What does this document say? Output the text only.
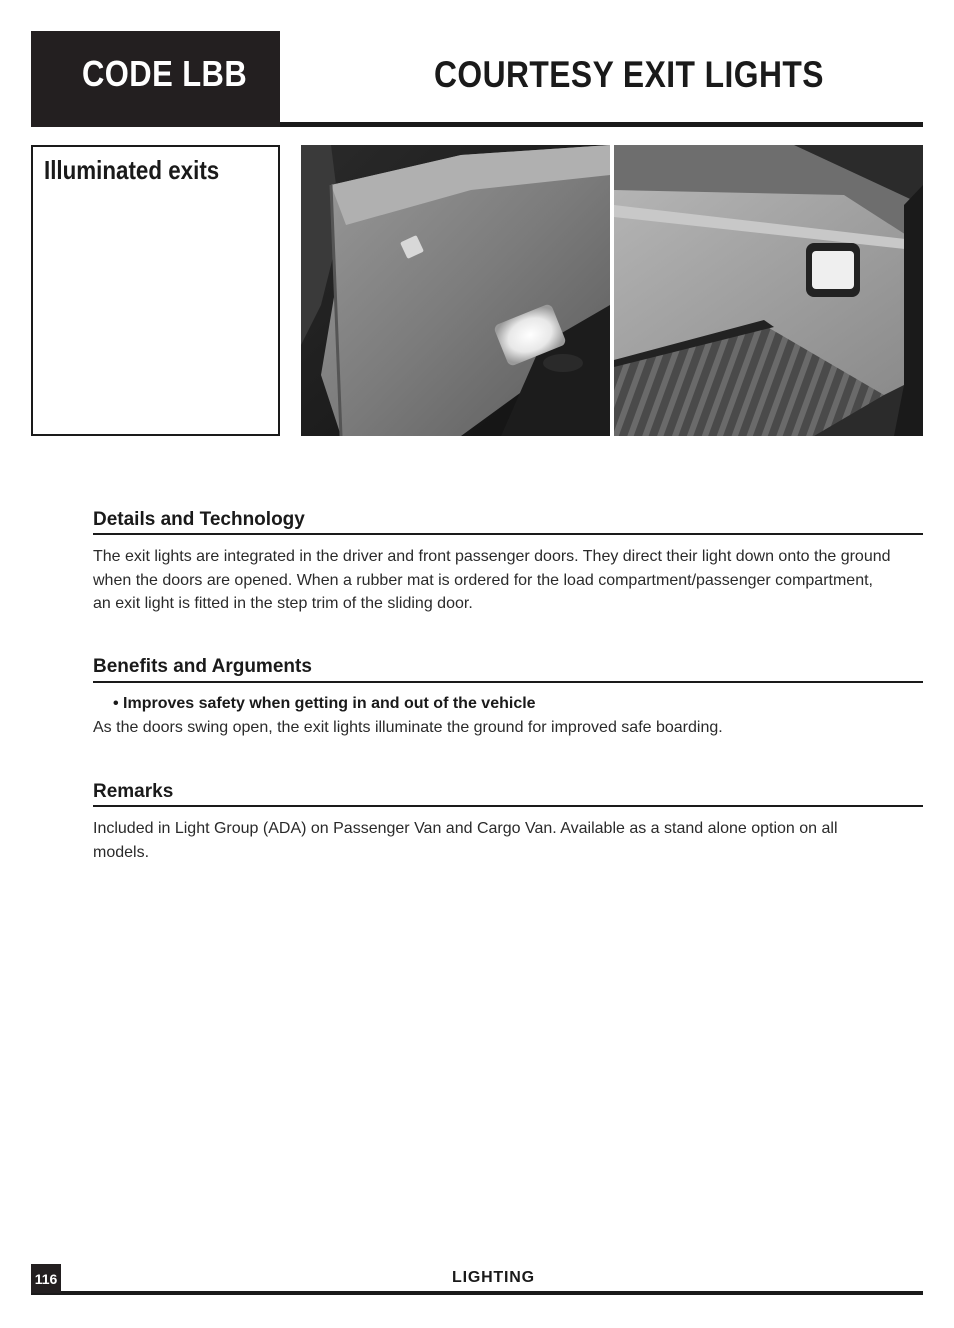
CODE LBB	COURTESY EXIT LIGHTS
Illuminated exits
Details and Technology

The exit lights are integrated in the driver and front passenger doors. They direct their light down onto the ground when the doors are opened. When a rubber mat is ordered for the load compartment/passenger compartment, an exit light is fitted in the step trim of the sliding door.

Benefits and Arguments
• Improves safety when getting in and out of the vehicle

As the doors swing open, the exit lights illuminate the ground for improved safe boarding.

Remarks

Included in Light Group (ADA) on Passenger Van and Cargo Van. Available as a stand alone option on all models.

116	LIGHTING
